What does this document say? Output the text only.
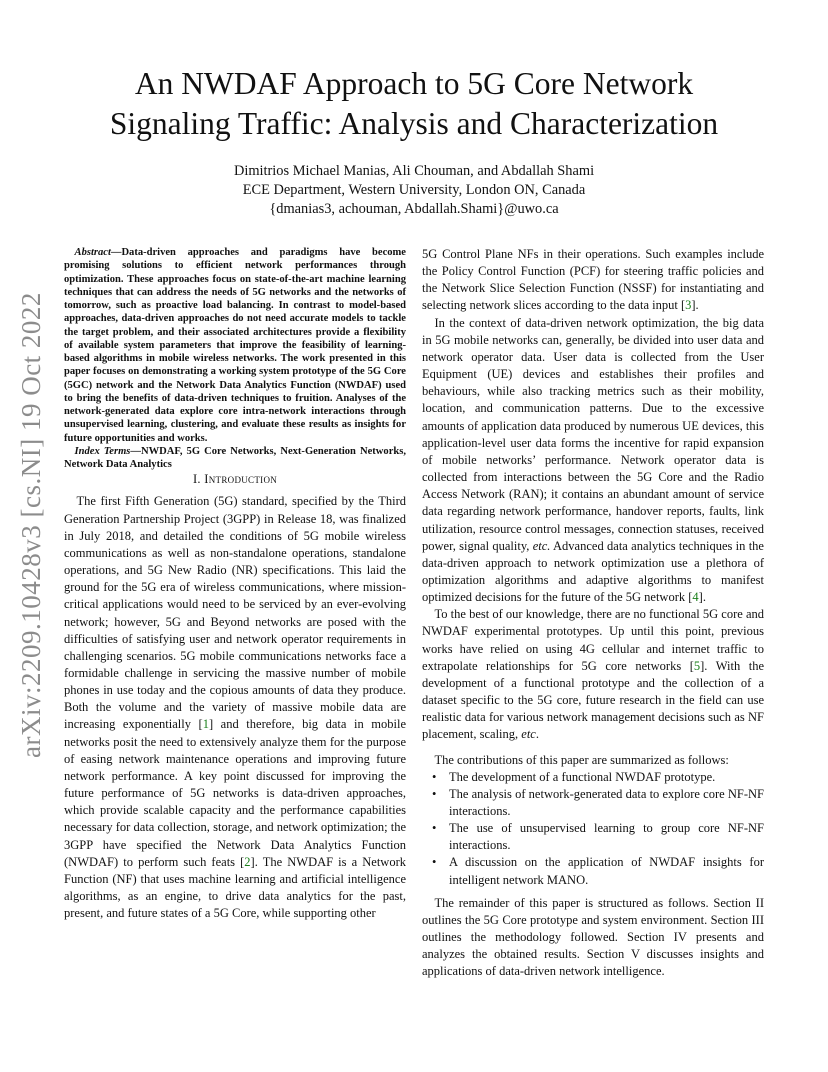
arXiv:2209.10428v3 [cs.NI] 19 Oct 2022
An NWDAF Approach to 5G Core Network
Signaling Traffic: Analysis and Characterization
Dimitrios Michael Manias, Ali Chouman, and Abdallah Shami
ECE Department, Western University, London ON, Canada
{dmanias3, achouman, Abdallah.Shami}@uwo.ca

Abstract—Data-driven approaches and paradigms have become promising solutions to efficient network performances through optimization. These approaches focus on state-of-the-art machine learning techniques that can address the needs of 5G networks and the networks of tomorrow, such as proactive load balancing. In contrast to model-based approaches, data-driven approaches do not need accurate models to tackle the target problem, and their associated architectures provide a flexibility of available system parameters that improve the feasibility of learning-based algorithms in mobile wireless networks. The work presented in this paper focuses on demonstrating a working system prototype of the 5G Core (5GC) network and the Network Data Analytics Function (NWDAF) used to bring the benefits of data-driven techniques to fruition. Analyses of the network-generated data explore core intra-network interactions through unsupervised learning, clustering, and evaluate these results as insights for future opportunities and works.

Index Terms—NWDAF, 5G Core Networks, Next-Generation Networks, Network Data Analytics

I. Introduction

The first Fifth Generation (5G) standard, specified by the Third Generation Partnership Project (3GPP) in Release 18, was finalized in July 2018, and detailed the conditions of 5G mobile wireless communications as well as non-standalone operations, standalone operations, and 5G New Radio (NR) specifications. This laid the ground for the 5G era of wireless communications, where mission-critical applications would need to be serviced by an ever-evolving network; however, 5G and Beyond networks are posed with the difficulties of satisfying user and network operator requirements in challenging scenarios. 5G mobile communications networks face a formidable challenge in servicing the massive number of mobile phones in use today and the copious amounts of data they produce. Both the volume and the variety of massive mobile data are increasing exponentially [ 1 ] and therefore, big data in mobile networks posit the need to extensively analyze them for the purpose of easing network maintenance operations and improving future network performance. A key point discussed for improving the future performance of 5G networks is data-driven approaches, which provide scalable capacity and the performance capabilities necessary for data collection, storage, and network optimization; the 3GPP have specified the Network Data Analytics Function (NWDAF) to perform such feats [ 2 ] . The NWDAF is a Network Function (NF) that uses machine learning and artificial intelligence algorithms, as an engine, to drive data analytics for the past, present, and future states of a 5G Core, while supporting other

5G Control Plane NFs in their operations. Such examples include the Policy Control Function (PCF) for steering traffic policies and the Network Slice Selection Function (NSSF) for instantiating and selecting network slices according to the data input [ 3 ] .

In the context of data-driven network optimization, the big data in 5G mobile networks can, generally, be divided into user data and network operator data. User data is collected from the User Equipment (UE) devices and establishes their profiles and behaviours, while also tracking metrics such as their mobility, location, and communication patterns. Due to the excessive amounts of application data produced by numerous UE devices, this application-level user data forms the incentive for rapid expansion of mobile networks’ performance. Network operator data is collected from interactions between the 5G Core and the Radio Access Network (RAN); it contains an abundant amount of service data regarding network performance, handover reports, faults, link utilization, resource control messages, connection statuses, received power, signal quality, etc. Advanced data analytics techniques in the data-driven approach to network optimization use a plethora of optimization algorithms and adaptive algorithms to manifest optimized decisions for the future of the 5G network [ 4 ] .

To the best of our knowledge, there are no functional 5G core and NWDAF experimental prototypes. Up until this point, previous works have relied on using 4G cellular and internet traffic to extrapolate relationships for 5G core networks [ 5 ] . With the development of a functional prototype and the collection of a dataset specific to the 5G core, future research in the field can use realistic data for various network management decisions such as NF placement, scaling, etc.

The contributions of this paper are summarized as follows:

• The development of a functional NWDAF prototype.
• The analysis of network-generated data to explore core NF-NF interactions.
• The use of unsupervised learning to group core NF-NF interactions.
• A discussion on the application of NWDAF insights for intelligent network MANO.

The remainder of this paper is structured as follows. Section II outlines the 5G Core prototype and system environment. Section III outlines the methodology followed. Section IV presents and analyzes the obtained results. Section V discusses insights and applications of data-driven network intelligence.
